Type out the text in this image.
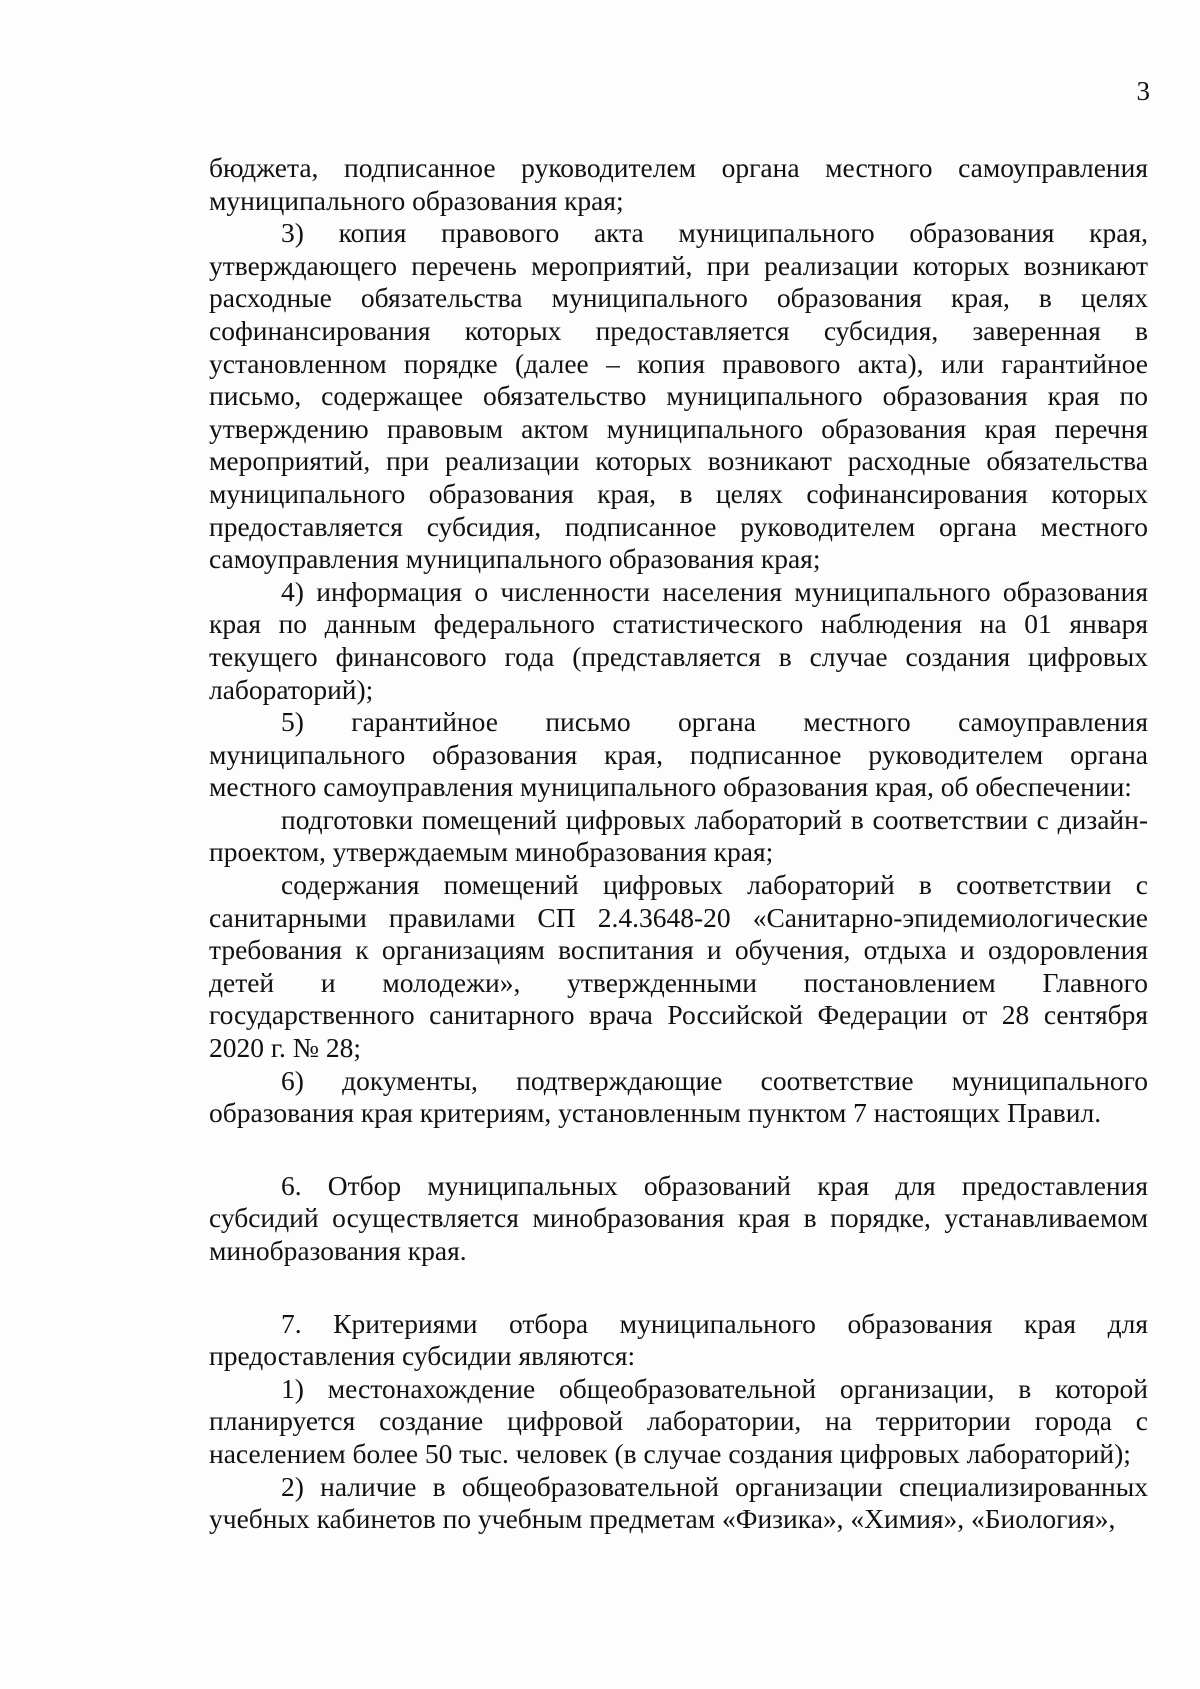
3

бюджета, подписанное руководителем органа местного самоуправления муниципального образования края;

3) копия правового акта муниципального образования края, утверждающего перечень мероприятий, при реализации которых возникают расходные обязательства муниципального образования края, в целях софинансирования которых предоставляется субсидия, заверенная в установленном порядке (далее – копия правового акта), или гарантийное письмо, содержащее обязательство муниципального образования края по утверждению правовым актом муниципального образования края перечня мероприятий, при реализации которых возникают расходные обязательства муниципального образования края, в целях софинансирования которых предоставляется субсидия, подписанное руководителем органа местного самоуправления муниципального образования края;

4) информация о численности населения муниципального образования края по данным федерального статистического наблюдения на 01 января текущего финансового года (представляется в случае создания цифровых лабораторий);

5) гарантийное письмо органа местного самоуправления муниципального образования края, подписанное руководителем органа местного самоуправления муниципального образования края, об обеспечении:

подготовки помещений цифровых лабораторий в соответствии с дизайн-проектом, утверждаемым минобразования края;

содержания помещений цифровых лабораторий в соответствии с санитарными правилами СП 2.4.3648-20 «Санитарно-эпидемиологические требования к организациям воспитания и обучения, отдыха и оздоровления детей и молодежи», утвержденными постановлением Главного государственного санитарного врача Российской Федерации от 28 сентября 2020 г. № 28;

6) документы, подтверждающие соответствие муниципального образования края критериям, установленным пунктом 7 настоящих Правил.

6. Отбор муниципальных образований края для предоставления субсидий осуществляется минобразования края в порядке, устанавливаемом минобразования края.

7. Критериями отбора муниципального образования края для предоставления субсидии являются:

1) местонахождение общеобразовательной организации, в которой планируется создание цифровой лаборатории, на территории города с населением более 50 тыс. человек (в случае создания цифровых лабораторий);

2) наличие в общеобразовательной организации специализированных учебных кабинетов по учебным предметам «Физика», «Химия», «Биология»,
